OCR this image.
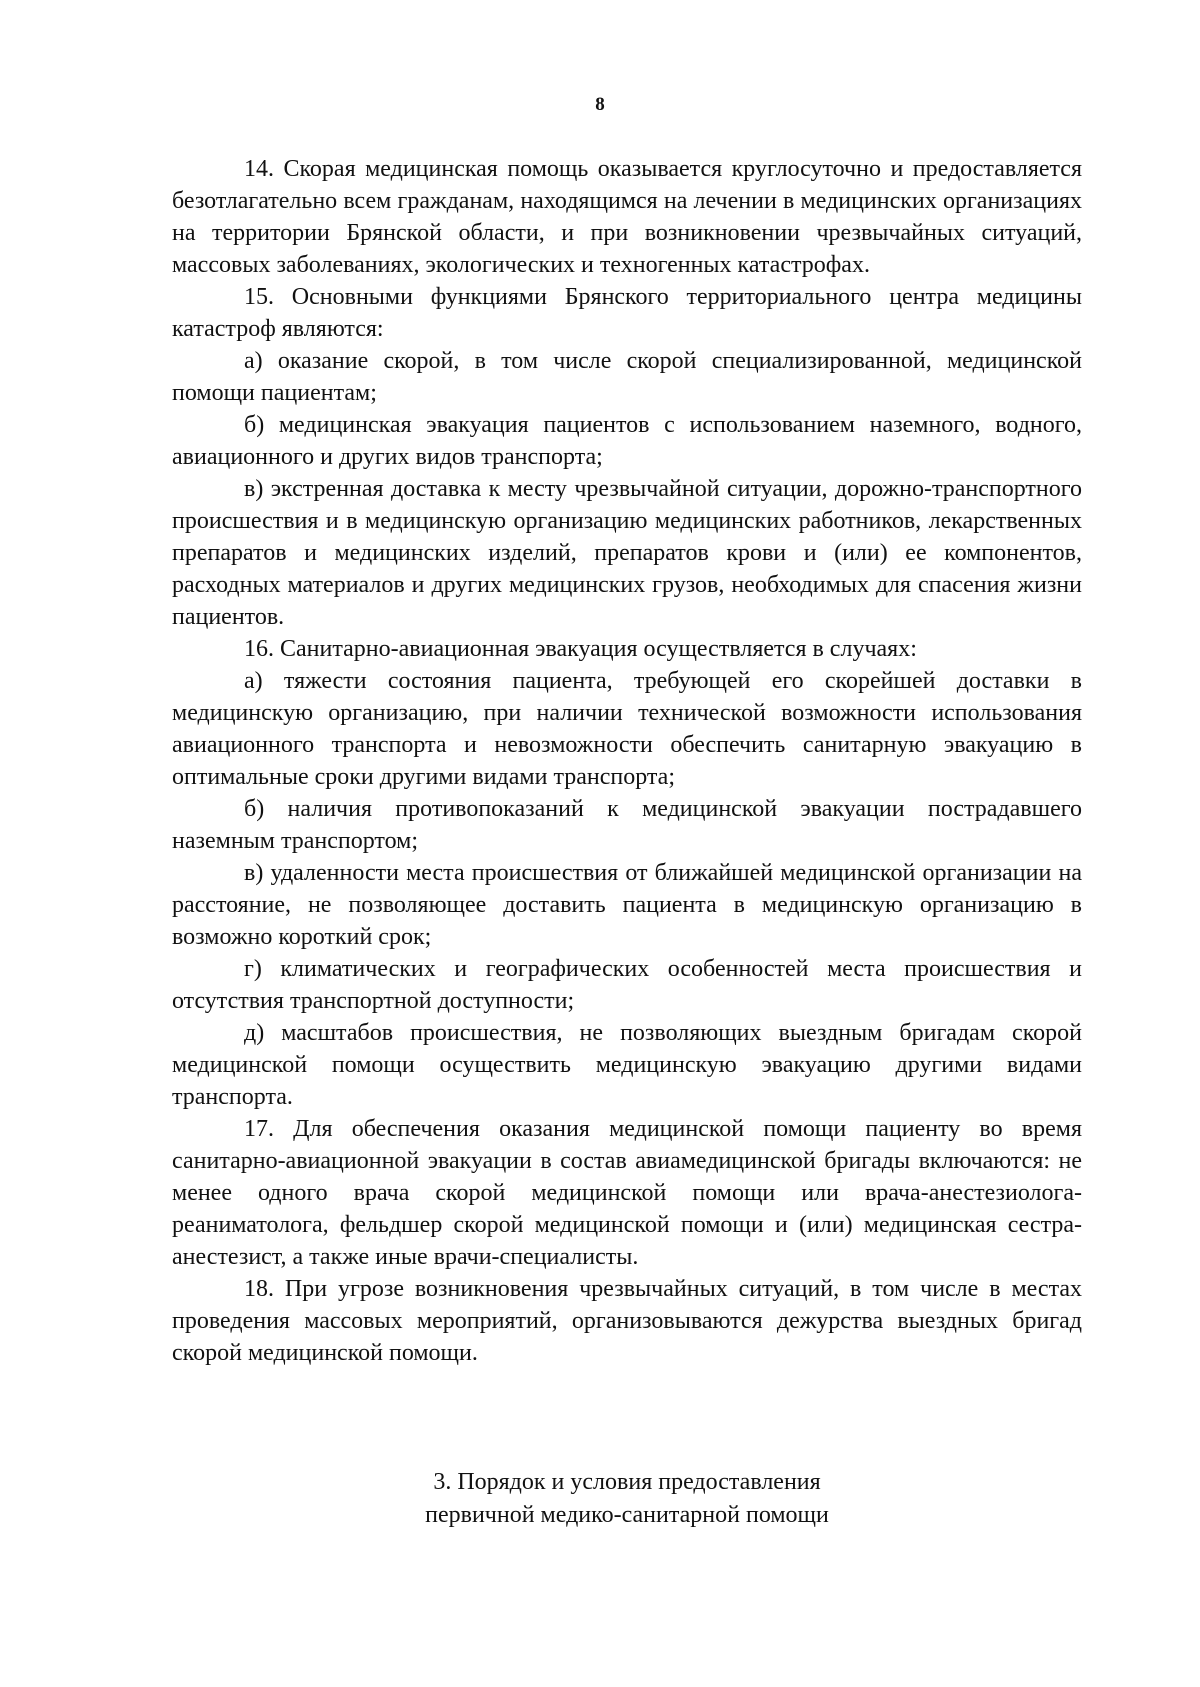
8

14. Скорая медицинская помощь оказывается круглосуточно и предоставляется безотлагательно всем гражданам, находящимся на лечении в медицинских организациях на территории Брянской области, и при возникновении чрезвычайных ситуаций, массовых заболеваниях, экологических и техногенных катастрофах.

15. Основными функциями Брянского территориального центра медицины катастроф являются:

а) оказание скорой, в том числе скорой специализированной, медицинской помощи пациентам;

б) медицинская эвакуация пациентов с использованием наземного, водного, авиационного и других видов транспорта;

в) экстренная доставка к месту чрезвычайной ситуации, дорожно-транспортного происшествия и в медицинскую организацию медицинских работников, лекарственных препаратов и медицинских изделий, препаратов крови и (или) ее компонентов, расходных материалов и других медицинских грузов, необходимых для спасения жизни пациентов.

16. Санитарно-авиационная эвакуация осуществляется в случаях:

а) тяжести состояния пациента, требующей его скорейшей доставки в медицинскую организацию, при наличии технической возможности использования авиационного транспорта и невозможности обеспечить санитарную эвакуацию в оптимальные сроки другими видами транспорта;

б) наличия противопоказаний к медицинской эвакуации пострадавшего наземным транспортом;

в) удаленности места происшествия от ближайшей медицинской организации на расстояние, не позволяющее доставить пациента в медицинскую организацию в возможно короткий срок;

г) климатических и географических особенностей места происшествия и отсутствия транспортной доступности;

д) масштабов происшествия, не позволяющих выездным бригадам скорой медицинской помощи осуществить медицинскую эвакуацию другими видами транспорта.

17. Для обеспечения оказания медицинской помощи пациенту во время санитарно-авиационной эвакуации в состав авиамедицинской бригады включаются: не менее одного врача скорой медицинской помощи или врача-анестезиолога-реаниматолога, фельдшер скорой медицинской помощи и (или) медицинская сестра-анестезист, а также иные врачи-специалисты.

18. При угрозе возникновения чрезвычайных ситуаций, в том числе в местах проведения массовых мероприятий, организовываются дежурства выездных бригад скорой медицинской помощи.

3. Порядок и условия предоставления
первичной медико-санитарной помощи
